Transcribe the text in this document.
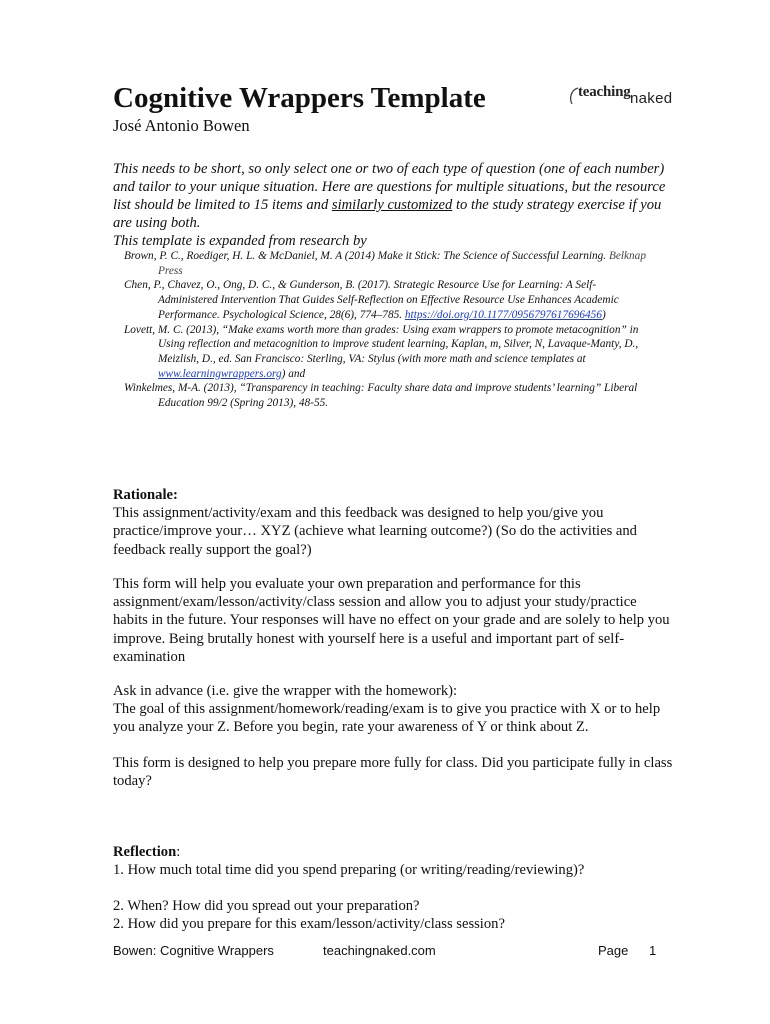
teaching naked
Cognitive Wrappers Template
José Antonio Bowen

This needs to be short, so only select one or two of each type of question (one of each number) and tailor to your unique situation. Here are questions for multiple situations, but the resource list should be limited to 15 items and similarly customized to the study strategy exercise if you are using both.

This template is expanded from research by

Brown, P. C., Roediger, H. L. & McDaniel, M. A (2014) Make it Stick: The Science of Successful Learning. Belknap Press

Chen, P., Chavez, O., Ong, D. C., & Gunderson, B. (2017). Strategic Resource Use for Learning: A Self-Administered Intervention That Guides Self-Reflection on Effective Resource Use Enhances Academic Performance. Psychological Science, 28(6), 774–785. https://doi.org/10.1177/0956797617696456)

Lovett, M. C. (2013), “Make exams worth more than grades: Using exam wrappers to promote metacognition” in Using reflection and metacognition to improve student learning, Kaplan, m, Silver, N, Lavaque-Manty, D., Meizlish, D., ed. San Francisco: Sterling, VA: Stylus (with more math and science templates at www.learningwrappers.org) and

Winkelmes, M-A. (2013), “Transparency in teaching: Faculty share data and improve students’ learning” Liberal Education 99/2 (Spring 2013), 48-55.

Rationale:

This assignment/activity/exam and this feedback was designed to help you/give you practice/improve your… XYZ (achieve what learning outcome?) (So do the activities and feedback really support the goal?)

This form will help you evaluate your own preparation and performance for this assignment/exam/lesson/activity/class session and allow you to adjust your study/practice habits in the future. Your responses will have no effect on your grade and are solely to help you improve. Being brutally honest with yourself here is a useful and important part of self-examination

Ask in advance (i.e. give the wrapper with the homework):

The goal of this assignment/homework/reading/exam is to give you practice with X or to help you analyze your Z. Before you begin, rate your awareness of Y or think about Z.

This form is designed to help you prepare more fully for class. Did you participate fully in class today?

Reflection:

1. How much total time did you spend preparing (or writing/reading/reviewing)?

2. When? How did you spread out your preparation?

2. How did you prepare for this exam/lesson/activity/class session?

Bowen: Cognitive Wrappers	teachingnaked.com	Page 1
